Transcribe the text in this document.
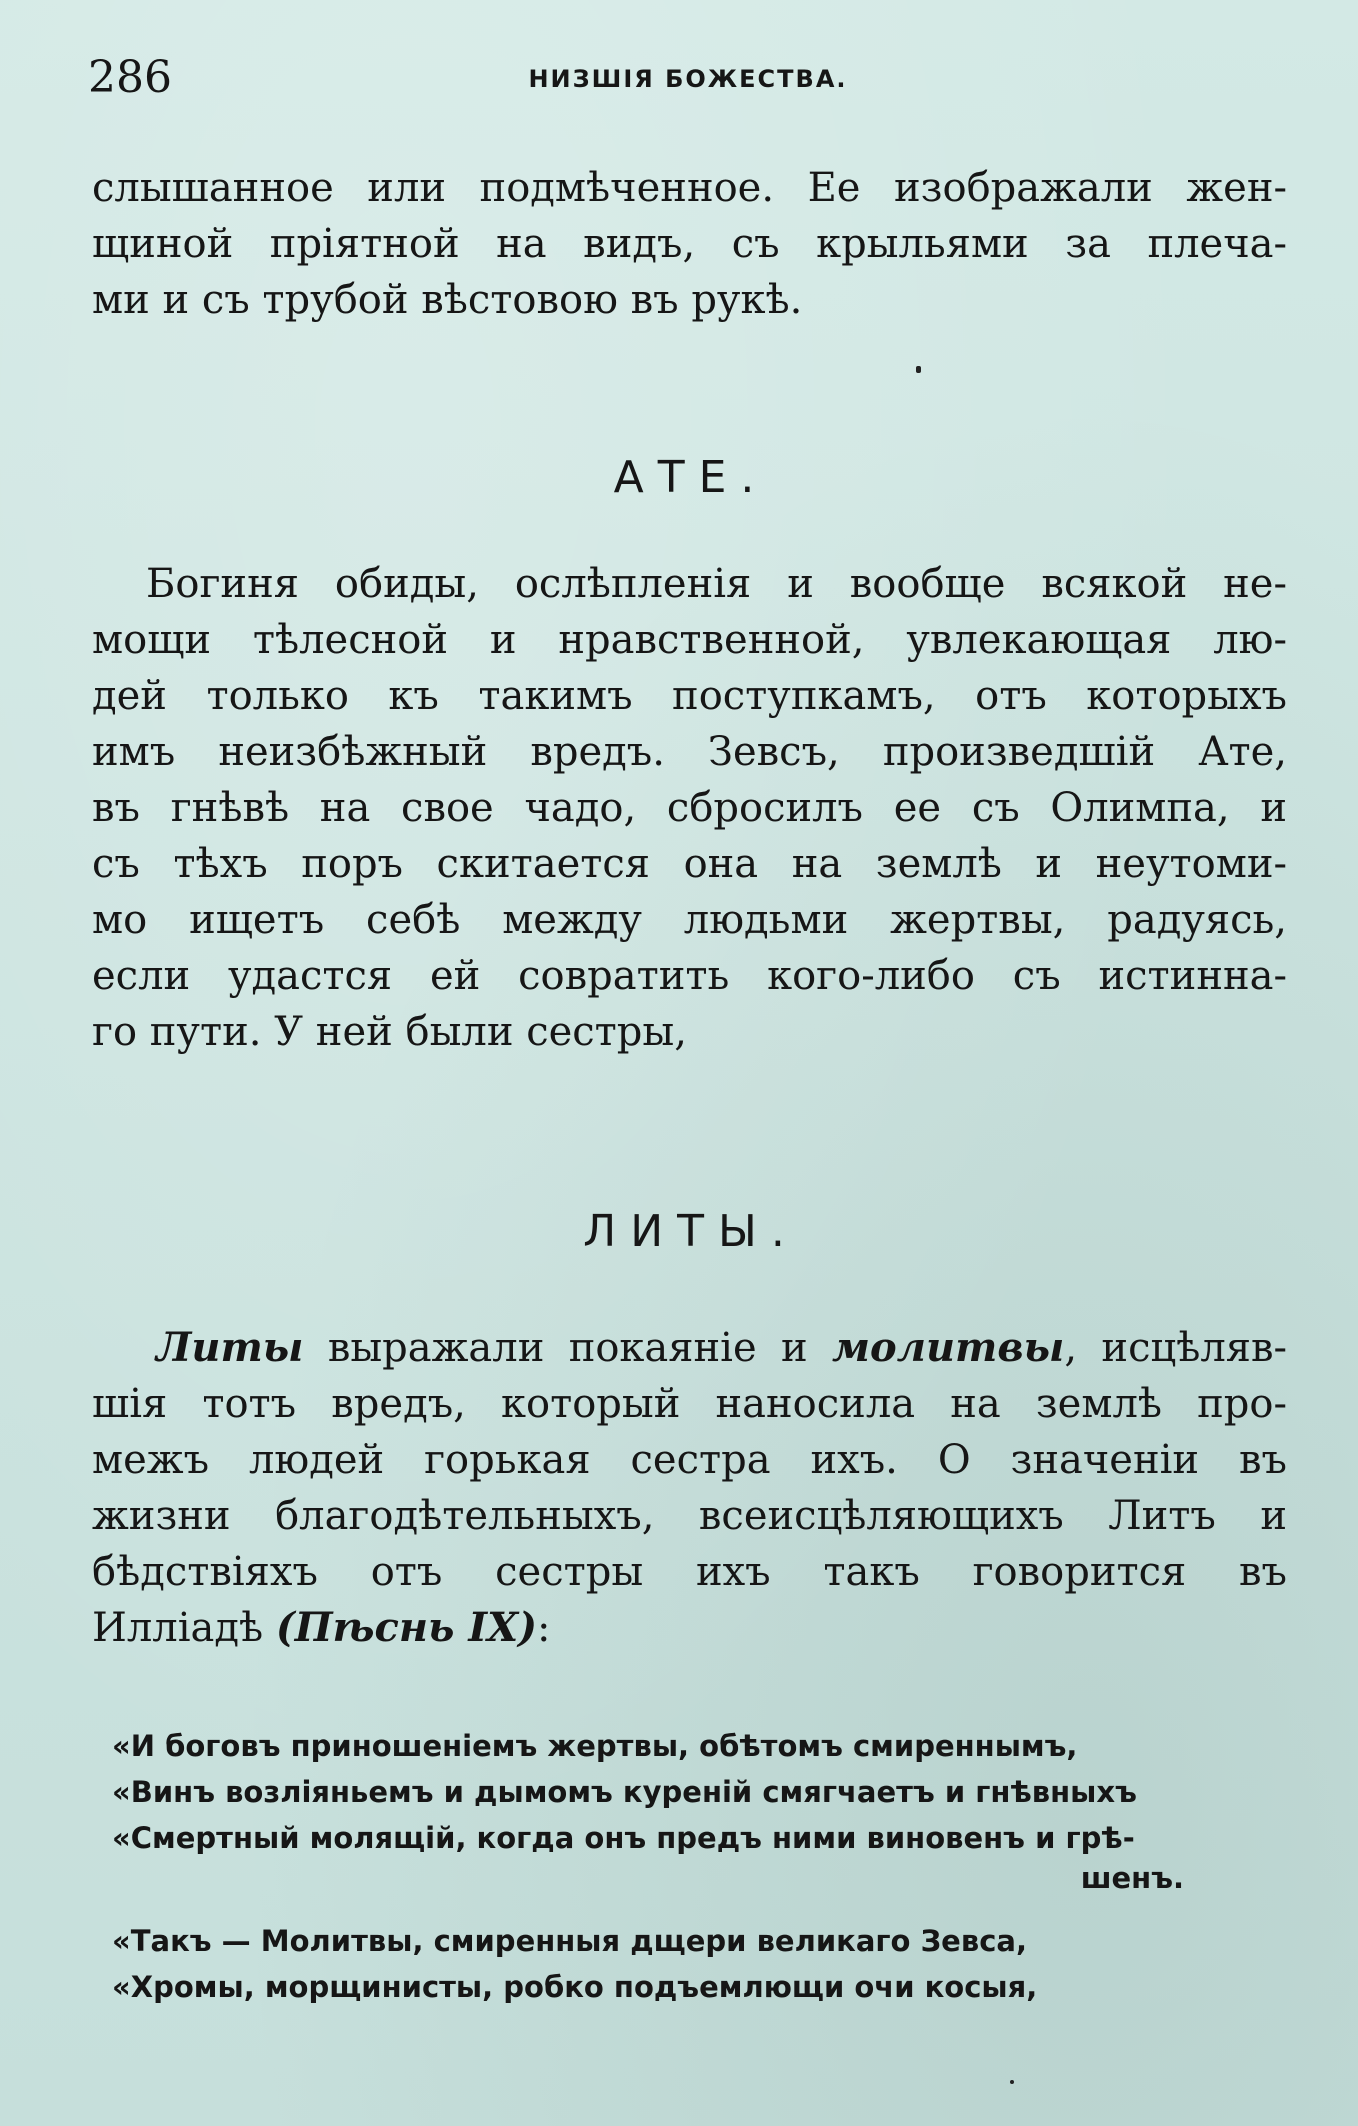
286	НИЗШІЯ БОЖЕСТВА.

слышанное или подмѣченное. Ее изображали жен-
щиной пріятной на видъ, съ крыльями за плеча-
ми и съ трубой вѣстовою въ рукѣ.

АТЕ.

Богиня обиды, ослѣпленія и вообще всякой не-
мощи тѣлесной и нравственной, увлекающая лю-
дей только къ такимъ поступкамъ, отъ которыхъ
имъ неизбѣжный вредъ. Зевсъ, произведшій Ате,
въ гнѣвѣ на свое чадо, сбросилъ ее съ Олимпа, и
съ тѣхъ поръ скитается она на землѣ и неутоми-
мо ищетъ себѣ между людьми жертвы, радуясь,
если удастся ей совратить кого-либо съ истинна-
го пути. У ней были сестры,

ЛИТЫ.

Литы выражали покаяніе и молитвы, исцѣляв-
шія тотъ вредъ, который наносила на землѣ про-
межъ людей горькая сестра ихъ. О значеніи въ
жизни благодѣтельныхъ, всеисцѣляющихъ Литъ и
бѣдствіяхъ отъ сестры ихъ такъ говорится въ
Илліадѣ (Пѣснь IX):

«И боговъ приношеніемъ жертвы, обѣтомъ смиреннымъ,
«Винъ возліяньемъ и дымомъ куреній смягчаетъ и гнѣвныхъ
«Смертный молящій, когда онъ предъ ними виновенъ и грѣ-
шенъ.
«Такъ — Молитвы, смиренныя дщери великаго Зевса,
«Хромы, морщинисты, робко подъемлющи очи косыя,
